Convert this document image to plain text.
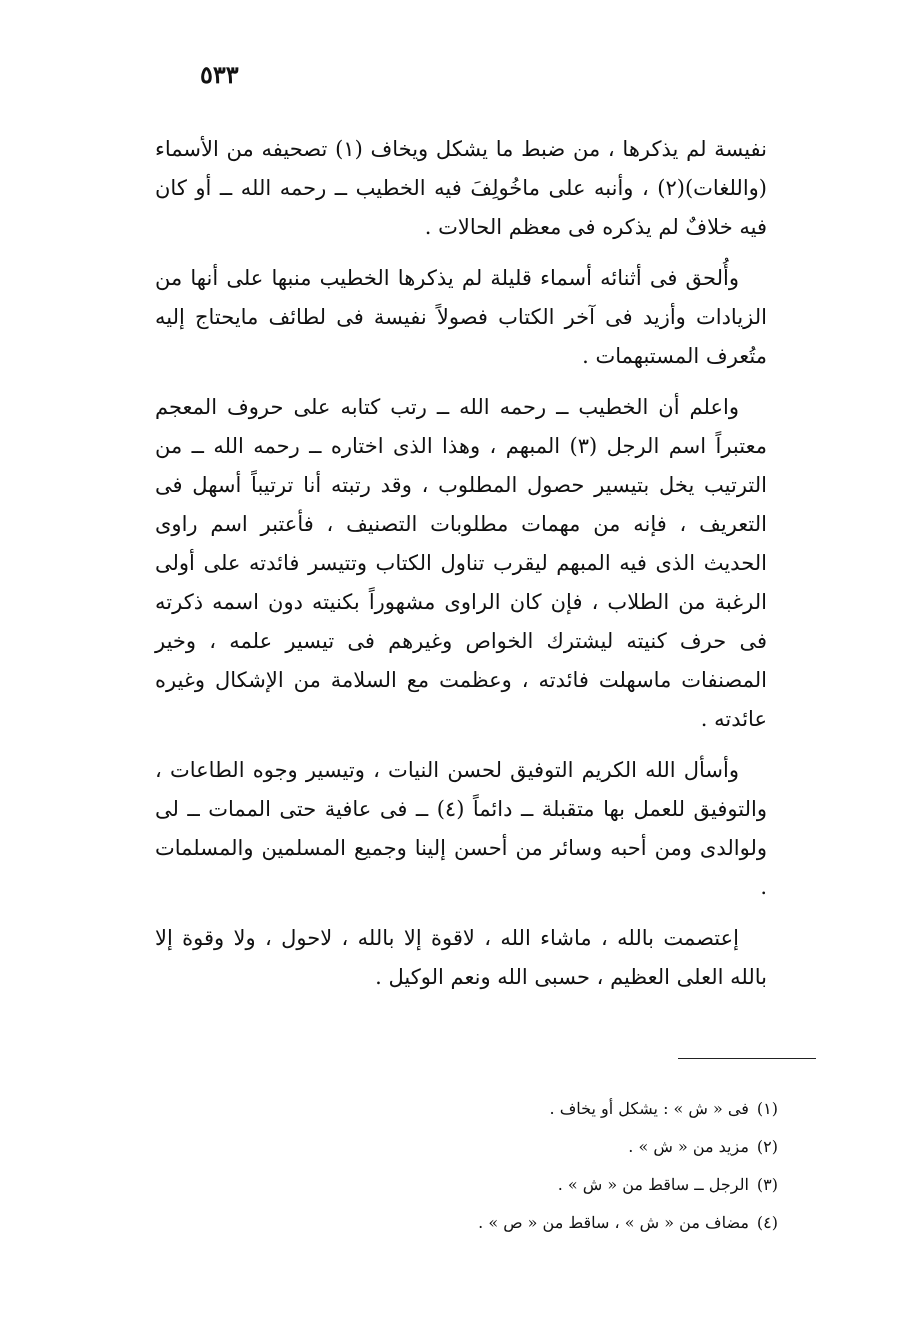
٥٣٣

نفيسة لم يذكرها ، من ضبط ما يشكل ويخاف (١) تصحيفه من الأسماء (واللغات)(٢) ، وأنبه على ماخُولِفَ فيه الخطيب ــ رحمه الله ــ أو كان فيه خلافٌ لم يذكره فى معظم الحالات .

وأُلحق فى أثنائه أسماء قليلة لم يذكرها الخطيب منبها على أنها من الزيادات وأزيد فى آخر الكتاب فصولاً نفيسة فى لطائف مايحتاج إليه متُعرف المستبهمات .

واعلم أن الخطيب ــ رحمه الله ــ رتب كتابه على حروف المعجم معتبراً اسم الرجل (٣) المبهم ، وهذا الذى اختاره ــ رحمه الله ــ من الترتيب يخل بتيسير حصول المطلوب ، وقد رتبته أنا ترتيباً أسهل فى التعريف ، فإنه من مهمات مطلوبات التصنيف ، فأعتبر اسم راوى الحديث الذى فيه المبهم ليقرب تناول الكتاب وتتيسر فائدته على أولى الرغبة من الطلاب ، فإن كان الراوى مشهوراً بكنيته دون اسمه ذكرته فى حرف كنيته ليشترك الخواص وغيرهم فى تيسير علمه ، وخير المصنفات ماسهلت فائدته ، وعظمت مع السلامة من الإشكال وغيره عائدته .

وأسأل الله الكريم التوفيق لحسن النيات ، وتيسير وجوه الطاعات ، والتوفيق للعمل بها متقبلة ــ دائماً (٤) ــ فى عافية حتى الممات ــ لى ولوالدى ومن أحبه وسائر من أحسن إلينا وجميع المسلمين والمسلمات .

إعتصمت بالله ، ماشاء الله ، لاقوة إلا بالله ، لاحول ، ولا وقوة إلا بالله العلى العظيم ، حسبى الله ونعم الوكيل .

(١)فى « ش » : يشكل أو يخاف .

(٢)مزيد من « ش » .

(٣)الرجل ــ ساقط من « ش » .

(٤)مضاف من « ش » ، ساقط من « ص » .
